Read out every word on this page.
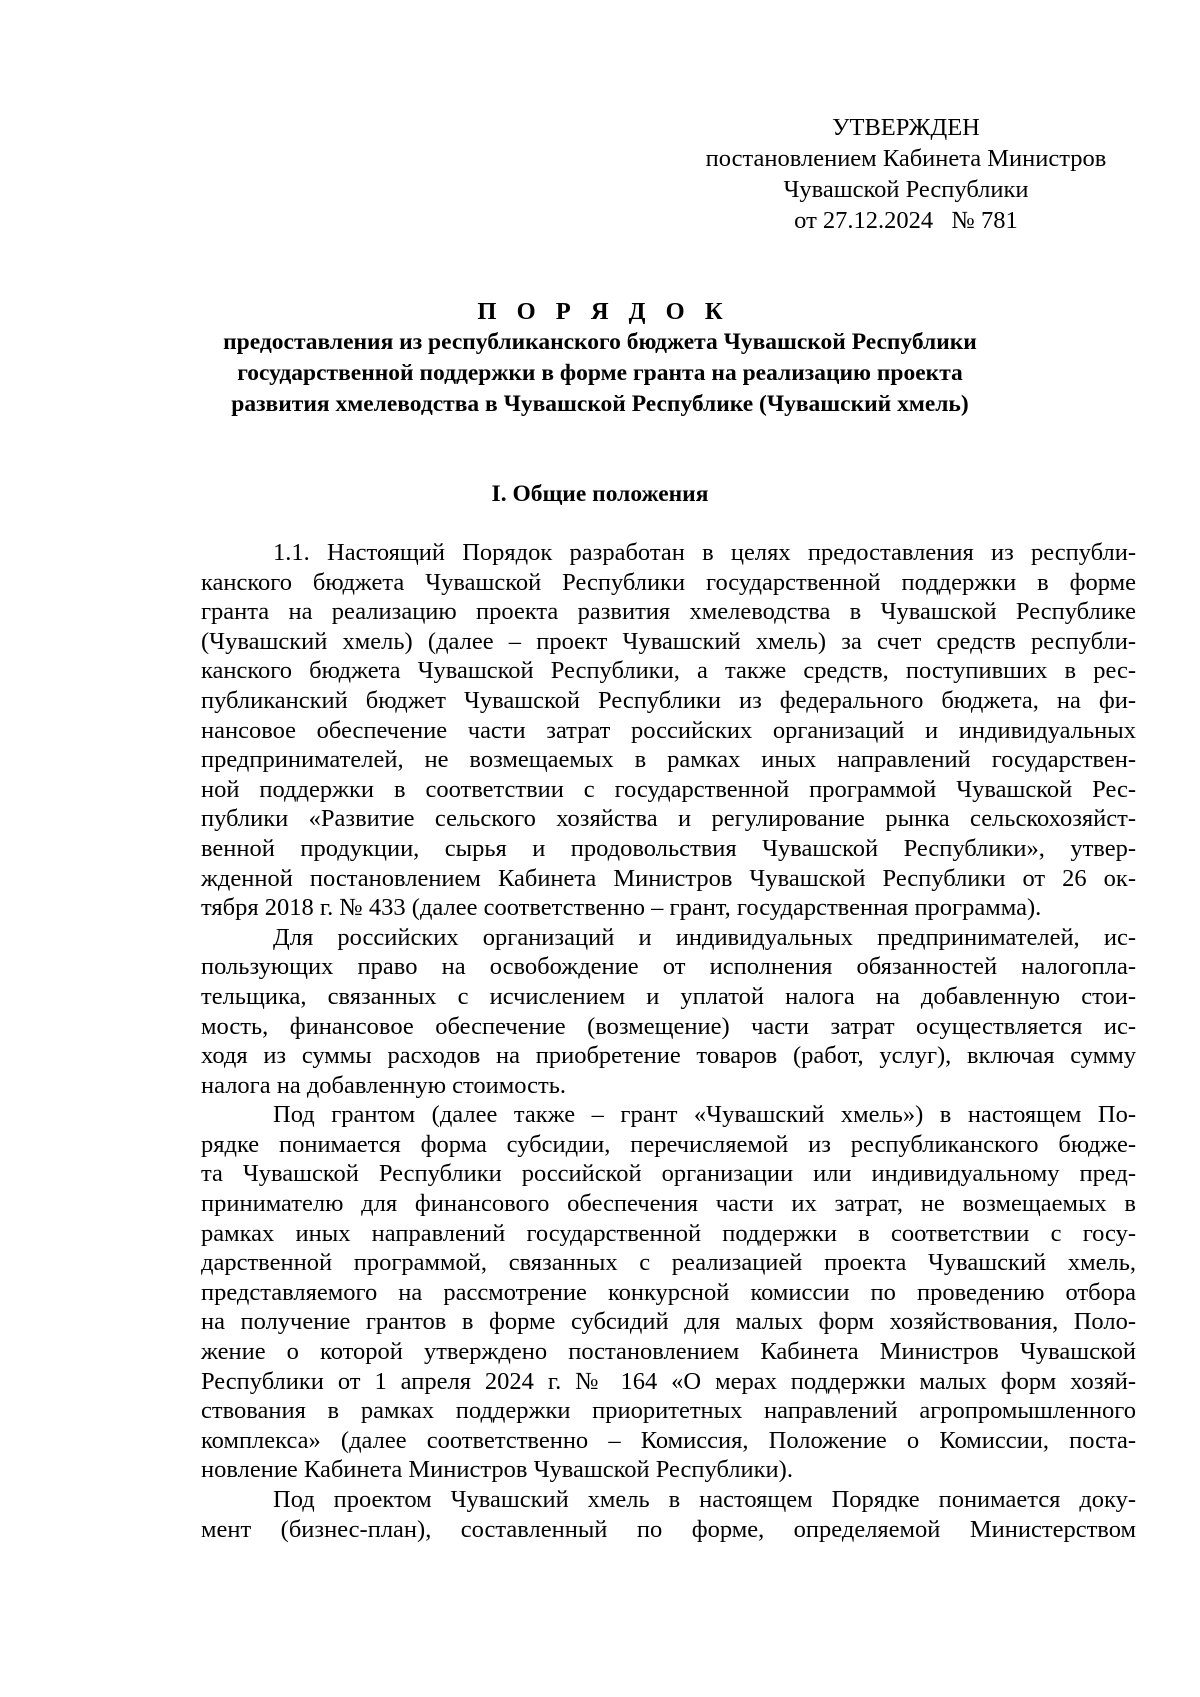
УТВЕРЖДЕН
постановлением Кабинета Министров
Чувашской Республики
от 27.12.2024   № 781
П О Р Я Д О К
предоставления из республиканского бюджета Чувашской Республики
государственной поддержки в форме гранта на реализацию проекта
развития хмелеводства в Чувашской Республике (Чувашский хмель)
I. Общие положения
1.1. Настоящий Порядок разработан в целях предоставления из республи-
канского бюджета Чувашской Республики государственной поддержки в форме
гранта на реализацию проекта развития хмелеводства в Чувашской Республике
(Чувашский хмель) (далее – проект Чувашский хмель) за счет средств республи-
канского бюджета Чувашской Республики, а также средств, поступивших в рес-
публиканский бюджет Чувашской Республики из федерального бюджета, на фи-
нансовое обеспечение части затрат российских организаций и индивидуальных
предпринимателей, не возмещаемых в рамках иных направлений государствен-
ной поддержки в соответствии с государственной программой Чувашской Рес-
публики «Развитие сельского хозяйства и регулирование рынка сельскохозяйст-
венной продукции, сырья и продовольствия Чувашской Республики», утвер-
жденной постановлением Кабинета Министров Чувашской Республики от 26 ок-
тября 2018 г. № 433 (далее соответственно – грант, государственная программа).
Для российских организаций и индивидуальных предпринимателей, ис-
пользующих право на освобождение от исполнения обязанностей налогопла-
тельщика, связанных с исчислением и уплатой налога на добавленную стои-
мость, финансовое обеспечение (возмещение) части затрат осуществляется ис-
ходя из суммы расходов на приобретение товаров (работ, услуг), включая сумму
налога на добавленную стоимость.
Под грантом (далее также – грант «Чувашский хмель») в настоящем По-
рядке понимается форма субсидии, перечисляемой из республиканского бюдже-
та Чувашской Республики российской организации или индивидуальному пред-
принимателю для финансового обеспечения части их затрат, не возмещаемых в
рамках иных направлений государственной поддержки в соответствии с госу-
дарственной программой, связанных с реализацией проекта Чувашский хмель,
представляемого на рассмотрение конкурсной комиссии по проведению отбора
на получение грантов в форме субсидий для малых форм хозяйствования, Поло-
жение о которой утверждено постановлением Кабинета Министров Чувашской
Республики от 1 апреля 2024 г. № 164 «О мерах поддержки малых форм хозяй-
ствования в рамках поддержки приоритетных направлений агропромышленного
комплекса» (далее соответственно – Комиссия, Положение о Комиссии, поста-
новление Кабинета Министров Чувашской Республики).
Под проектом Чувашский хмель в настоящем Порядке понимается доку-
мент (бизнес-план), составленный по форме, определяемой Министерством
